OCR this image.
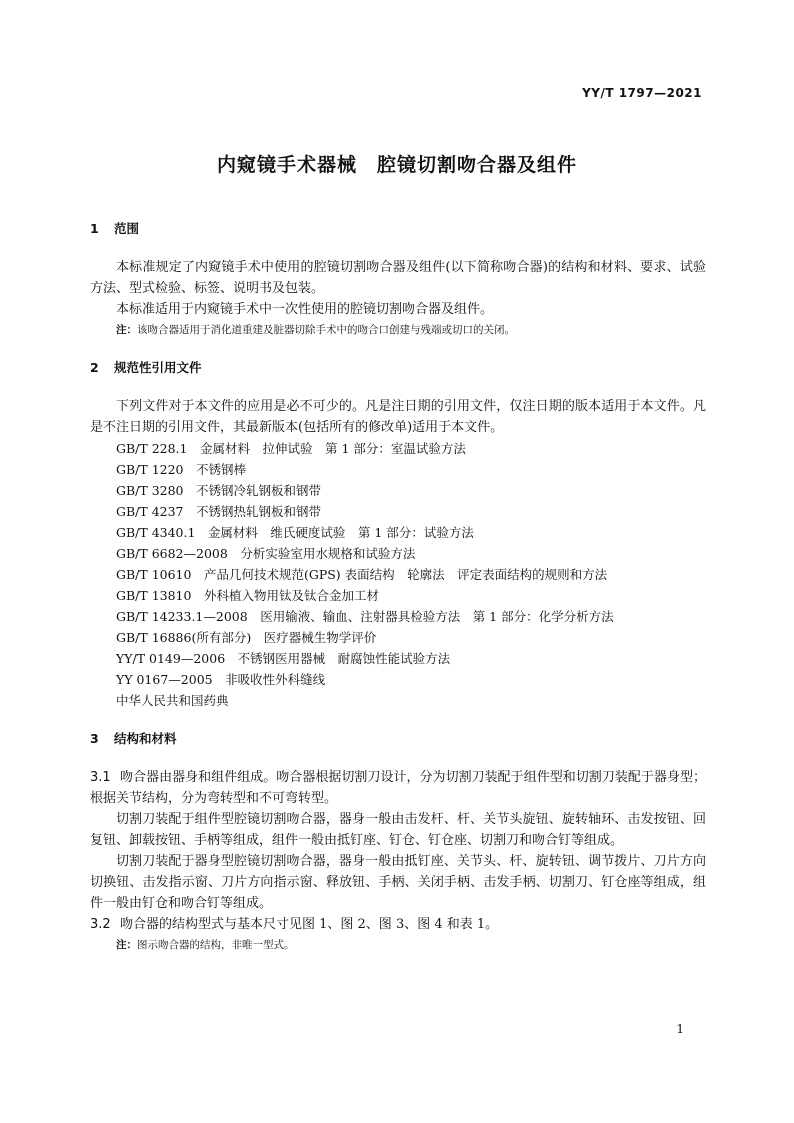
YY/T 1797—2021
内窥镜手术器械　腔镜切割吻合器及组件
1 范围

本标准规定了内窥镜手术中使用的腔镜切割吻合器及组件(以下简称吻合器)的结构和材料、要求、试验方法、型式检验、标签、说明书及包装。

本标准适用于内窥镜手术中一次性使用的腔镜切割吻合器及组件。

注：该吻合器适用于消化道重建及脏器切除手术中的吻合口创建与残端或切口的关闭。

2 规范性引用文件

下列文件对于本文件的应用是必不可少的。凡是注日期的引用文件，仅注日期的版本适用于本文件。凡是不注日期的引用文件，其最新版本(包括所有的修改单)适用于本文件。

GB/T 228.1　金属材料　拉伸试验　第 1 部分：室温试验方法
GB/T 1220　不锈钢棒
GB/T 3280　不锈钢冷轧钢板和钢带
GB/T 4237　不锈钢热轧钢板和钢带
GB/T 4340.1　金属材料　维氏硬度试验　第 1 部分：试验方法
GB/T 6682—2008　分析实验室用水规格和试验方法
GB/T 10610　产品几何技术规范(GPS) 表面结构　轮廓法　评定表面结构的规则和方法
GB/T 13810　外科植入物用钛及钛合金加工材
GB/T 14233.1—2008　医用输液、输血、注射器具检验方法　第 1 部分：化学分析方法
GB/T 16886(所有部分)　医疗器械生物学评价
YY/T 0149—2006　不锈钢医用器械　耐腐蚀性能试验方法
YY 0167—2005　非吸收性外科缝线
中华人民共和国药典
3 结构和材料

3.1 吻合器由器身和组件组成。吻合器根据切割刀设计，分为切割刀装配于组件型和切割刀装配于器身型；根据关节结构，分为弯转型和不可弯转型。

切割刀装配于组件型腔镜切割吻合器，器身一般由击发杆、杆、关节头旋钮、旋转轴环、击发按钮、回复钮、卸载按钮、手柄等组成，组件一般由抵钉座、钉仓、钉仓座、切割刀和吻合钉等组成。

切割刀装配于器身型腔镜切割吻合器，器身一般由抵钉座、关节头、杆、旋转钮、调节拨片、刀片方向切换钮、击发指示窗、刀片方向指示窗、释放钮、手柄、关闭手柄、击发手柄、切割刀、钉仓座等组成，组件一般由钉仓和吻合钉等组成。

3.2 吻合器的结构型式与基本尺寸见图 1、图 2、图 3、图 4 和表 1。

注：图示吻合器的结构，非唯一型式。

1
